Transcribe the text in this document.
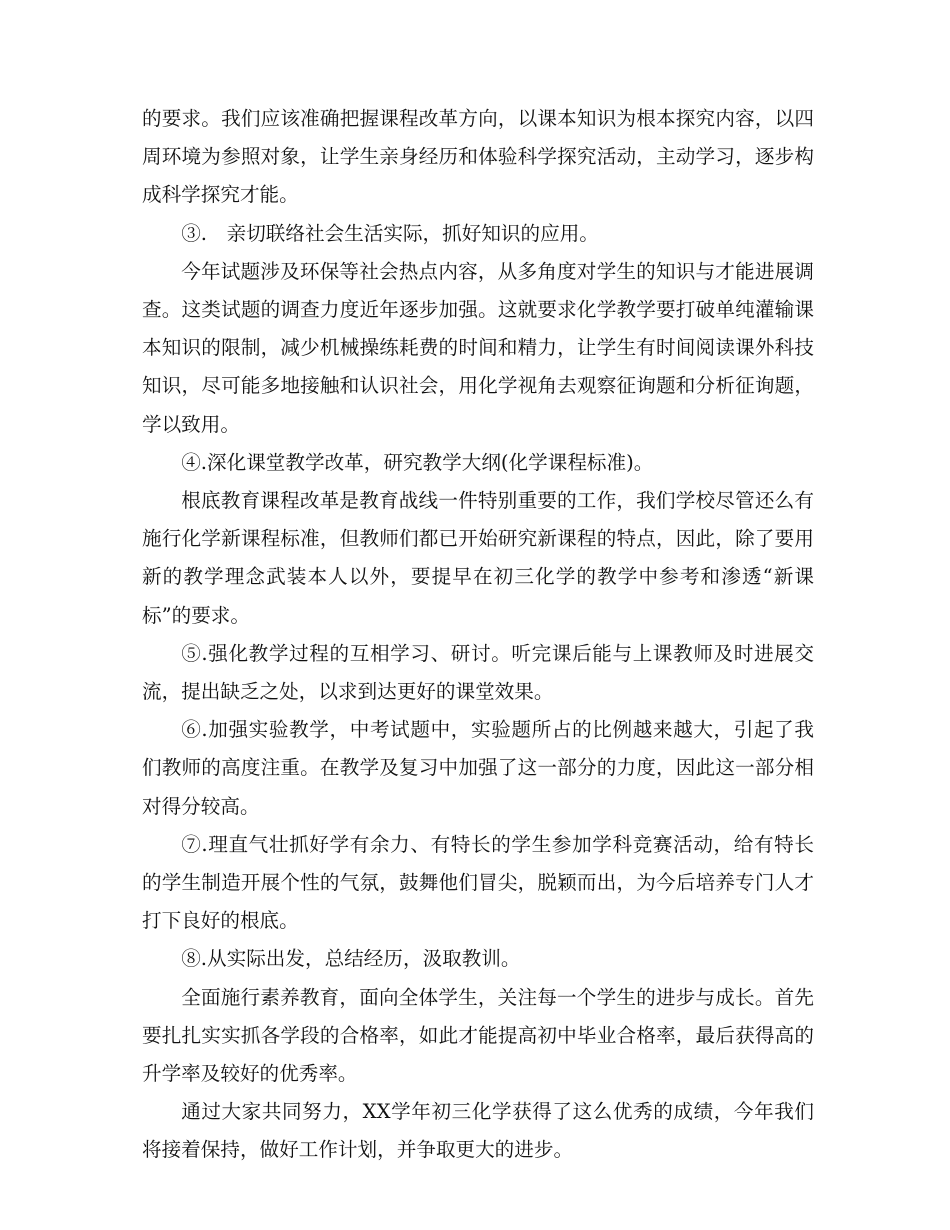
的要求。我们应该准确把握课程改革方向，以课本知识为根本探究内容，以四周环境为参照对象，让学生亲身经历和体验科学探究活动，主动学习，逐步构成科学探究才能。

③.　亲切联络社会生活实际，抓好知识的应用。

今年试题涉及环保等社会热点内容，从多角度对学生的知识与才能进展调查。这类试题的调查力度近年逐步加强。这就要求化学教学要打破单纯灌输课本知识的限制，减少机械操练耗费的时间和精力，让学生有时间阅读课外科技知识，尽可能多地接触和认识社会，用化学视角去观察征询题和分析征询题，学以致用。

④.深化课堂教学改革，研究教学大纲(化学课程标准)。

根底教育课程改革是教育战线一件特别重要的工作，我们学校尽管还么有施行化学新课程标准，但教师们都已开始研究新课程的特点，因此，除了要用新的教学理念武装本人以外，要提早在初三化学的教学中参考和渗透“新课标”的要求。

⑤.强化教学过程的互相学习、研讨。听完课后能与上课教师及时进展交流，提出缺乏之处，以求到达更好的课堂效果。

⑥.加强实验教学，中考试题中，实验题所占的比例越来越大，引起了我们教师的高度注重。在教学及复习中加强了这一部分的力度，因此这一部分相对得分较高。

⑦.理直气壮抓好学有余力、有特长的学生参加学科竞赛活动，给有特长的学生制造开展个性的气氛，鼓舞他们冒尖，脱颖而出，为今后培养专门人才打下良好的根底。

⑧.从实际出发，总结经历，汲取教训。

全面施行素养教育，面向全体学生，关注每一个学生的进步与成长。首先要扎扎实实抓各学段的合格率，如此才能提高初中毕业合格率，最后获得高的升学率及较好的优秀率。

通过大家共同努力，XX学年初三化学获得了这么优秀的成绩，今年我们将接着保持，做好工作计划，并争取更大的进步。
